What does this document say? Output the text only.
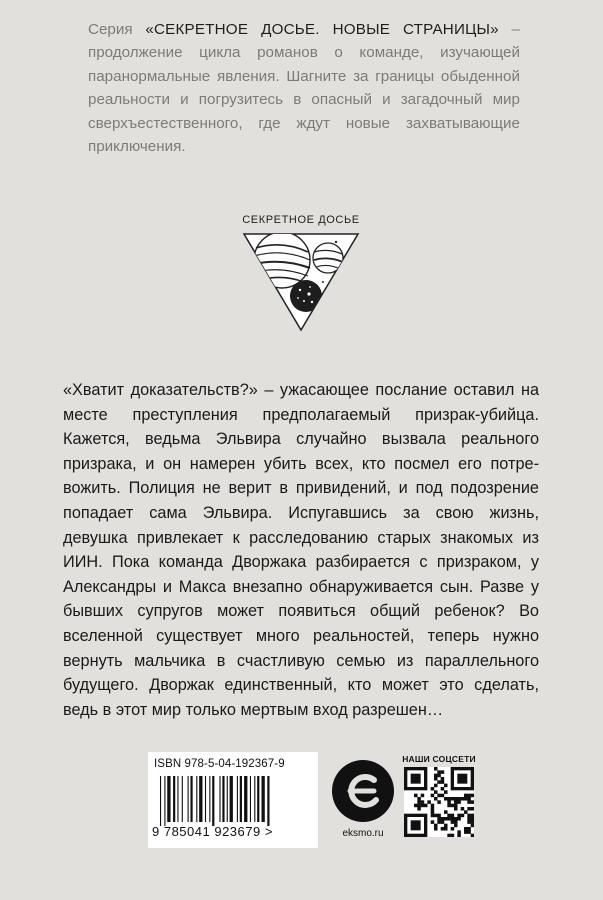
Серия «СЕКРЕТНОЕ ДОСЬЕ. НОВЫЕ СТРАНИЦЫ» – продолжение цикла романов о команде, изучающей паранормальные явления. Шагните за границы обыденной реальности и погрузитесь в опасный и загадочный мир сверхъестественного, где ждут новые захватывающие приключения.

СЕКРЕТНОЕ ДОСЬЕ

«Хватит доказательств?» – ужасающее послание оставил на месте преступления предполагаемый призрак-убийца. Кажется, ведьма Эльвира случайно вызвала реального призрака, и он намерен убить всех, кто посмел его потревожить. Полиция не верит в привидений, и под подозрение попадает сама Эльвира. Испугавшись за свою жизнь, девушка привлекает к расследованию старых знакомых из ИИН. Пока команда Дворжака разбирается с призраком, у Александры и Макса внезапно обнаруживается сын. Разве у бывших супругов может появиться общий ребенок? Во вселенной существует много реальностей, теперь нужно вернуть мальчика в счастливую семью из параллельного будущего. Дворжак единственный, кто может это сделать, ведь в этот мир только мертвым вход разрешен…

ISBN 978-5-04-192367-9
9 785041 923679 >	eksmo.ru
НАШИ СОЦСЕТИ
